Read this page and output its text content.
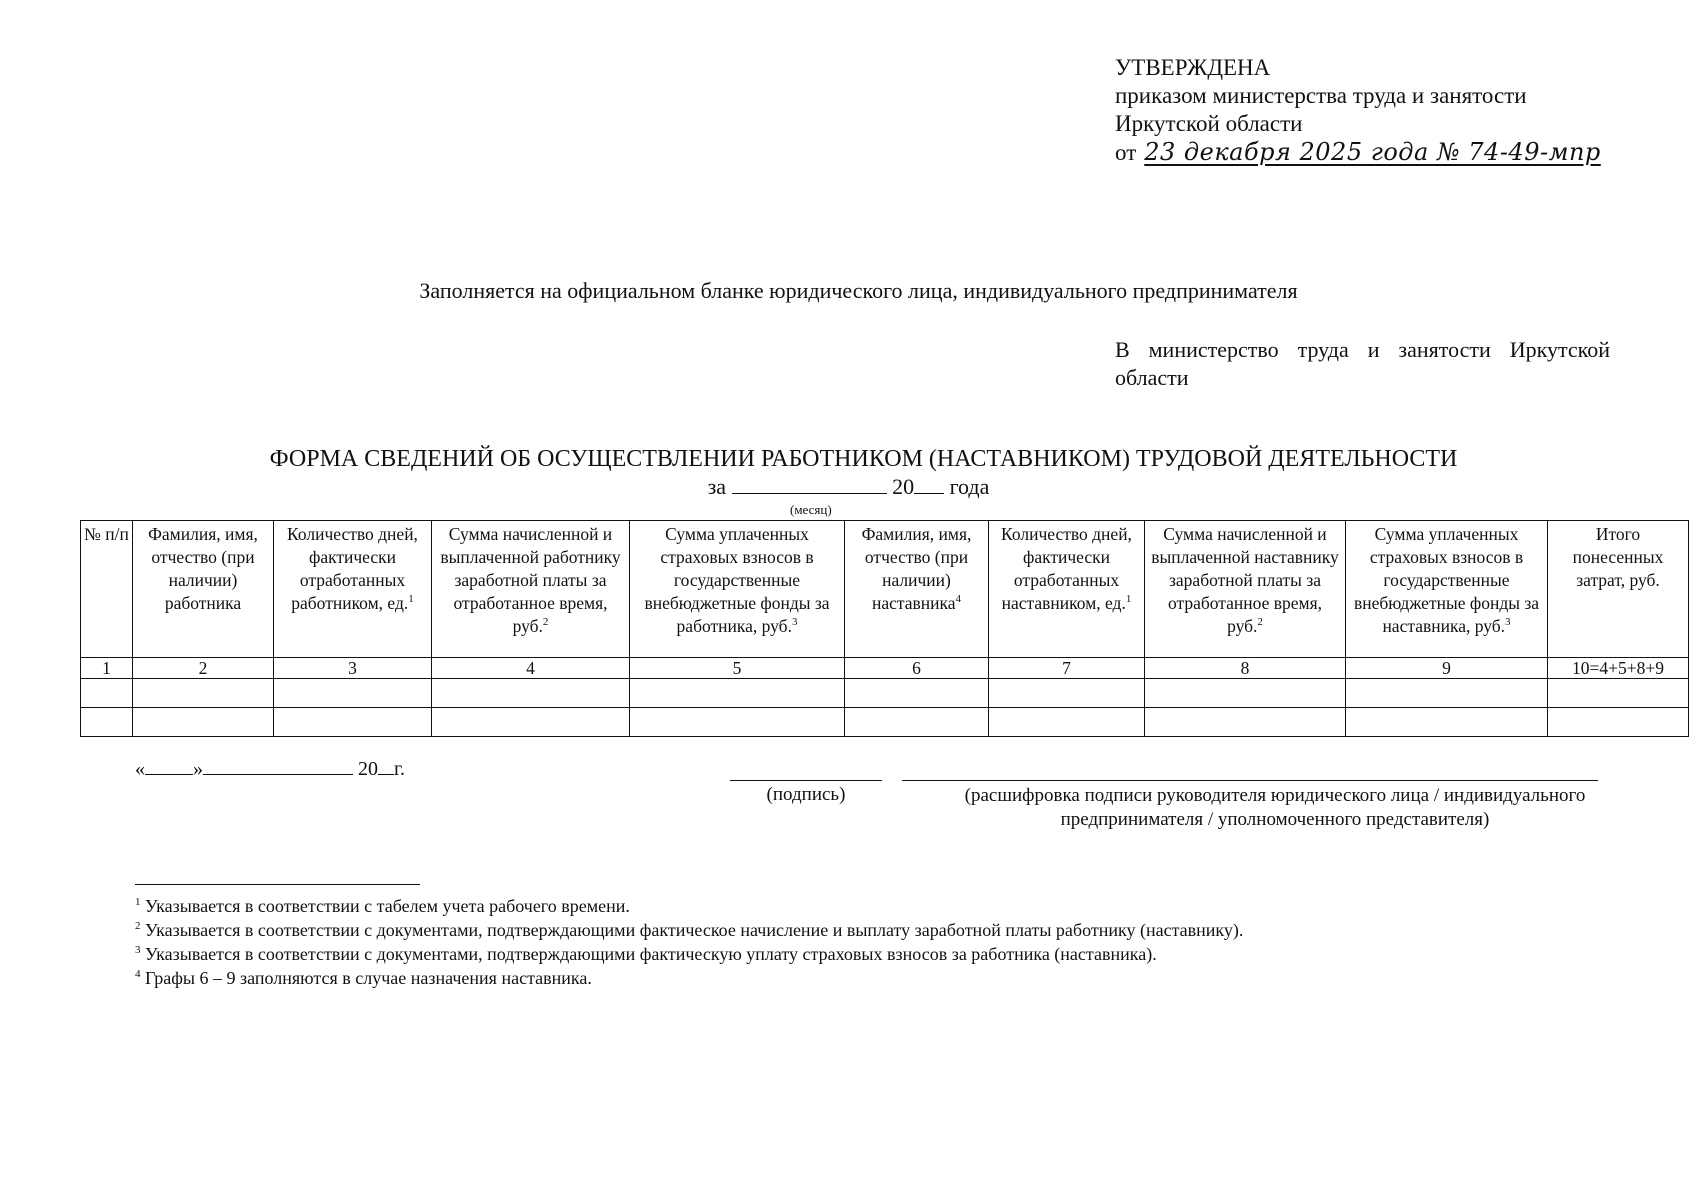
УТВЕРЖДЕНА
приказом министерства труда и занятости
Иркутской области
от 23 декабря 2025 года № 74-49-мпр
Заполняется на официальном бланке юридического лица, индивидуального предпринимателя
В министерство труда и занятости Иркутской области
ФОРМА СВЕДЕНИЙ ОБ ОСУЩЕСТВЛЕНИИ РАБОТНИКОМ (НАСТАВНИКОМ) ТРУДОВОЙ ДЕЯТЕЛЬНОСТИ
за	20 года
(месяц)
№ п/п	Фамилия, имя, отчество (при наличии) работника	Количество дней, фактически отработанных работником, ед.$^1$	Сумма начисленной и выплаченной работнику заработной платы за отработанное время, руб.$^2$	Сумма уплаченных страховых взносов в государственные внебюджетные фонды за работника, руб.$^3$	Фамилия, имя, отчество (при наличии) наставника$^4$	Количество дней, фактически отработанных наставником, ед.$^1$	Сумма начисленной и выплаченной наставнику заработной платы за отработанное время, руб.$^2$	Сумма уплаченных страховых взносов в государственные внебюджетные фонды за наставника, руб.$^3$	Итого понесенных затрат, руб.
1	2	3	4	5	6	7	8	9	10=4+5+8+9

« »	20 г.
(подпись)	(расшифровка подписи руководителя юридического лица / индивидуального предпринимателя / уполномоченного представителя)
$^1$ Указывается в соответствии с табелем учета рабочего времени.
$^2$ Указывается в соответствии с документами, подтверждающими фактическое начисление и выплату заработной платы работнику (наставнику).
$^3$ Указывается в соответствии с документами, подтверждающими фактическую уплату страховых взносов за работника (наставника).
$^4$ Графы 6 – 9 заполняются в случае назначения наставника.
